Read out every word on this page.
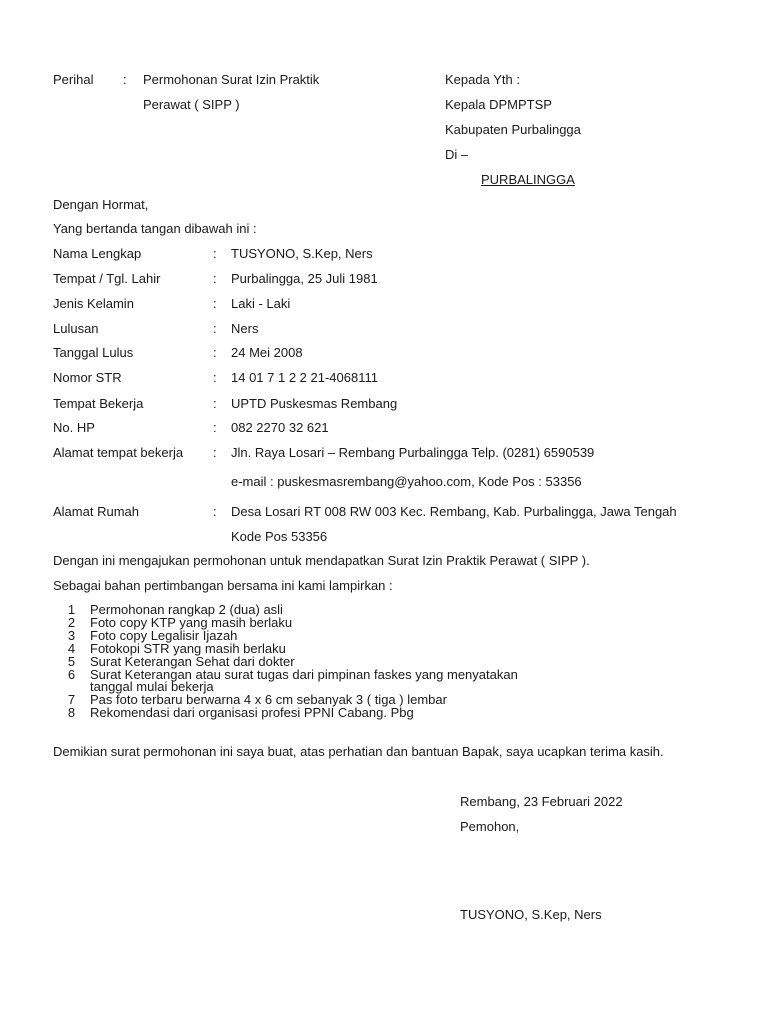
Perihal : Permohonan Surat Izin Praktik
Perawat ( SIPP )
Kepada Yth :
Kepala DPMPTSP
Kabupaten Purbalingga
Di –
PURBALINGGA
Dengan Hormat,
Yang bertanda tangan dibawah ini :
Nama Lengkap	: TUSYONO, S.Kep, Ners
Tempat / Tgl. Lahir	: Purbalingga, 25 Juli 1981
Jenis Kelamin	: Laki - Laki
Lulusan	: Ners
Tanggal Lulus	: 24 Mei 2008
Nomor STR	: 14 01 7 1 2 2 21-4068111
Tempat Bekerja	: UPTD Puskesmas Rembang
No. HP	: 082 2270 32 621
Alamat tempat bekerja : Jln. Raya Losari – Rembang Purbalingga Telp. (0281) 6590539
e-mail : puskesmasrembang@yahoo.com, Kode Pos : 53356
Alamat Rumah	: Desa Losari RT 008 RW 003 Kec. Rembang, Kab. Purbalingga, Jawa Tengah
Kode Pos 53356
Dengan ini mengajukan permohonan untuk mendapatkan Surat Izin Praktik Perawat ( SIPP ).
Sebagai bahan pertimbangan bersama ini kami lampirkan :
1	Permohonan rangkap 2 (dua) asli
2	Foto copy KTP yang masih berlaku
3	Foto copy Legalisir Ijazah
4	Fotokopi STR yang masih berlaku
5	Surat Keterangan Sehat dari dokter
6	Surat Keterangan atau surat tugas dari pimpinan faskes yang menyatakan tanggal mulai bekerja
7	Pas foto terbaru berwarna 4 x 6 cm sebanyak 3 ( tiga ) lembar
8	Rekomendasi dari organisasi profesi PPNI Cabang. Pbg
Demikian surat permohonan ini saya buat, atas perhatian dan bantuan Bapak, saya ucapkan terima kasih.
Rembang, 23 Februari 2022
Pemohon,
TUSYONO, S.Kep, Ners
